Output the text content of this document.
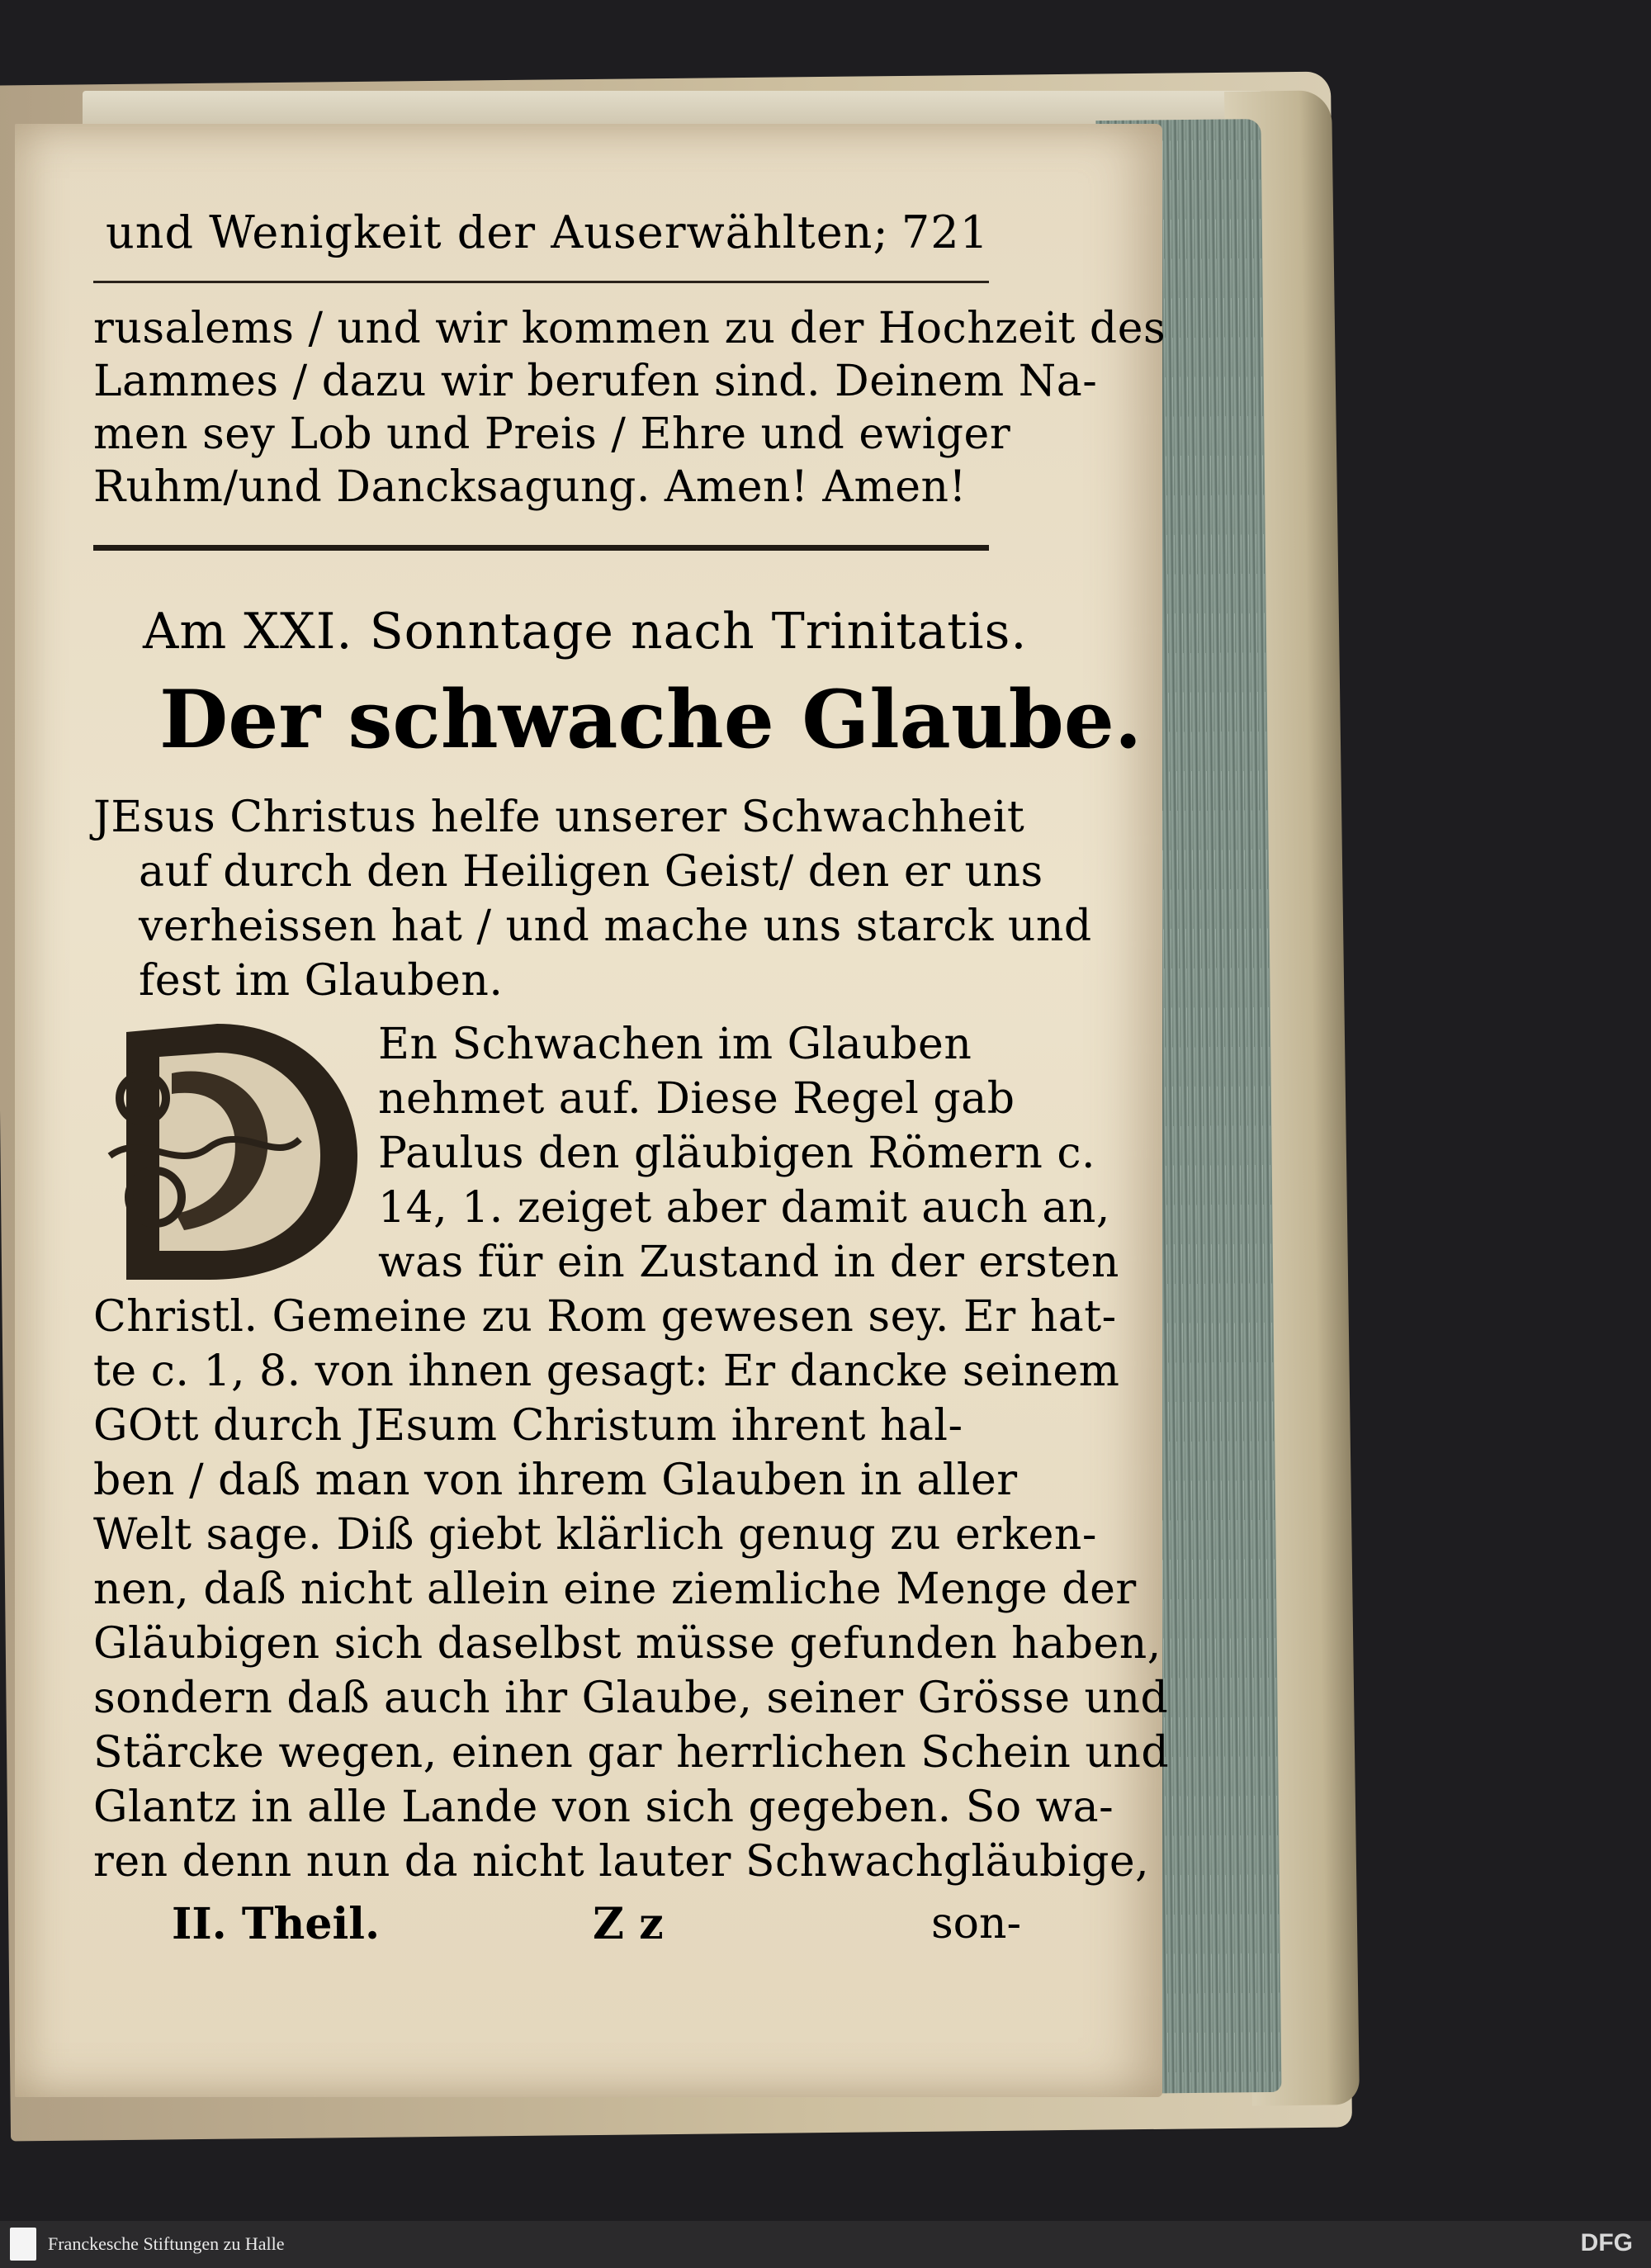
und Wenigkeit der Auserwählten; 721
rusalems / und wir kommen zu der Hochzeit des
Lammes / dazu wir berufen sind. Deinem Na-
men sey Lob und Preis / Ehre und ewiger
Ruhm/und Dancksagung. Amen! Amen!
Am XXI. Sonntage nach Trinitatis.
Der schwache Glaube.
JEsus Christus helfe unserer Schwachheit
auf durch den Heiligen Geist/ den er uns
verheissen hat / und mache uns starck und
fest im Glauben.
En Schwachen im Glauben
nehmet auf. Diese Regel gab
Paulus den gläubigen Römern c.
14, 1. zeiget aber damit auch an,
was für ein Zustand in der ersten
Christl. Gemeine zu Rom gewesen sey. Er hat-
te c. 1, 8. von ihnen gesagt: Er dancke seinem
GOtt durch JEsum Christum ihrent hal-
ben / daß man von ihrem Glauben in aller
Welt sage. Diß giebt klärlich genug zu erken-
nen, daß nicht allein eine ziemliche Menge der
Gläubigen sich daselbst müsse gefunden haben,
sondern daß auch ihr Glaube, seiner Grösse und
Stärcke wegen, einen gar herrlichen Schein und
Glantz in alle Lande von sich gegeben. So wa-
ren denn nun da nicht lauter Schwachgläubige,
II. Theil.	Z z	son-
Franckesche Stiftungen zu Halle	DFG
